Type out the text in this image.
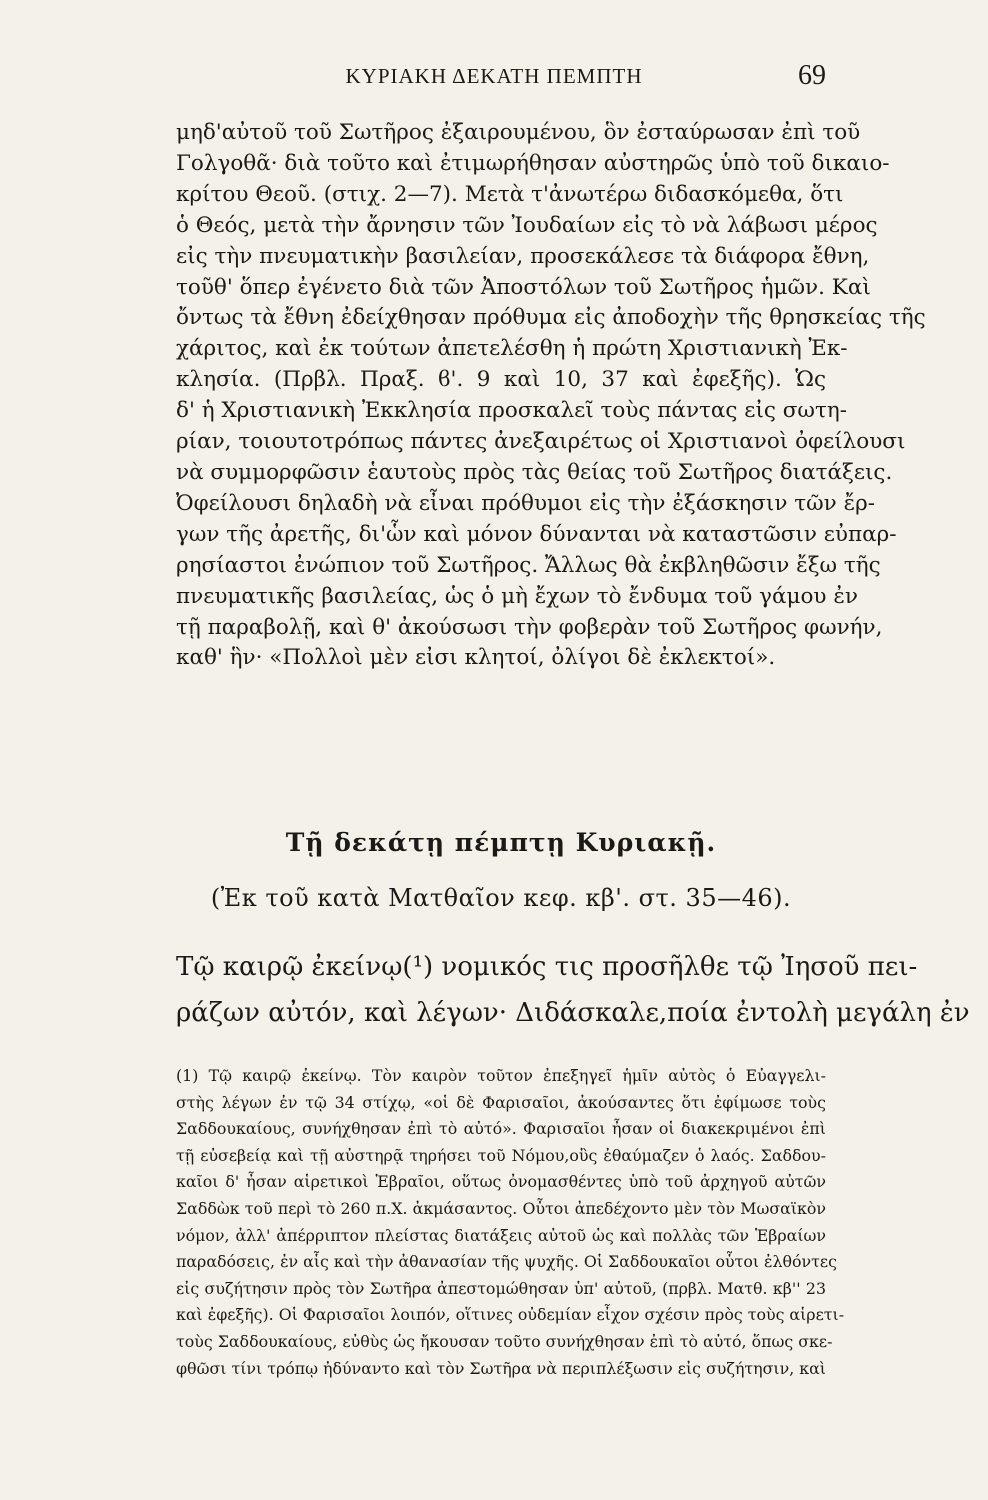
ΚΥΡΙΑΚΗ ΔΕΚΑΤΗ ΠΕΜΠΤΗ	69
μηδ'αὐτοῦ τοῦ Σωτῆρος ἐξαιρουμένου, ὃν ἐσταύρωσαν ἐπὶ τοῦ
Γολγοθᾶ· διὰ τοῦτο καὶ ἐτιμωρήθησαν αὐστηρῶς ὑπὸ τοῦ δικαιο-
κρίτου Θεοῦ. (στιχ. 2—7). Μετὰ τ'ἀνωτέρω διδασκόμεθα, ὅτι
ὁ Θεός, μετὰ τὴν ἄρνησιν τῶν Ἰουδαίων εἰς τὸ νὰ λάβωσι μέρος
εἰς τὴν πνευματικὴν βασιλείαν, προσεκάλεσε τὰ διάφορα ἔθνη,
τοῦθ' ὅπερ ἐγένετο διὰ τῶν Ἀποστόλων τοῦ Σωτῆρος ἡμῶν. Καὶ
ὄντως τὰ ἔθνη ἐδείχθησαν πρόθυμα εἰς ἀποδοχὴν τῆς θρησκείας τῆς
χάριτος, καὶ ἐκ τούτων ἀπετελέσθη ἡ πρώτη Χριστιανικὴ Ἐκ-
κλησία. (Πρβλ. Πραξ. ϐ'. 9 καὶ 10, 37 καὶ ἐφεξῆς). Ὡς
δ' ἡ Χριστιανικὴ Ἐκκλησία προσκαλεῖ τοὺς πάντας εἰς σωτη-
ρίαν, τοιουτοτρόπως πάντες ἀνεξαιρέτως οἱ Χριστιανοὶ ὀφείλουσι
νὰ συμμορφῶσιν ἑαυτοὺς πρὸς τὰς θείας τοῦ Σωτῆρος διατάξεις.
Ὀφείλουσι δηλαδὴ νὰ εἶναι πρόθυμοι εἰς τὴν ἐξάσκησιν τῶν ἔρ-
γων τῆς ἀρετῆς, δι'ὧν καὶ μόνον δύνανται νὰ καταστῶσιν εὐπαρ-
ρησίαστοι ἐνώπιον τοῦ Σωτῆρος. Ἄλλως θὰ ἐκβληθῶσιν ἔξω τῆς
πνευματικῆς βασιλείας, ὡς ὁ μὴ ἔχων τὸ ἔνδυμα τοῦ γάμου ἐν
τῇ παραβολῇ, καὶ θ' ἀκούσωσι τὴν φοβερὰν τοῦ Σωτῆρος φωνήν,
καθ' ἣν· «Πολλοὶ μὲν εἰσι κλητοί, ὀλίγοι δὲ ἐκλεκτοί».
Τῇ δεκάτῃ πέμπτῃ Κυριακῇ.
(Ἐκ τοῦ κατὰ Ματθαῖον κεφ. κβ'. στ. 35—46).
Τῷ καιρῷ ἐκείνῳ(¹) νομικός τις προσῆλθε τῷ Ἰησοῦ πει-
ράζων αὐτόν, καὶ λέγων· Διδάσκαλε,ποία ἐντολὴ μεγάλη ἐν
(1) Τῷ καιρῷ ἐκείνῳ. Τὸν καιρὸν τοῦτον ἐπεξηγεῖ ἡμῖν αὐτὸς ὁ Εὐαγγελι-
στὴς λέγων ἐν τῷ 34 στίχῳ, «οἱ δὲ Φαρισαῖοι, ἀκούσαντες ὅτι ἐφίμωσε τοὺς
Σαδδουκαίους, συνήχθησαν ἐπὶ τὸ αὐτό». Φαρισαῖοι ἦσαν οἱ διακεκριμένοι ἐπὶ
τῇ εὐσεβείᾳ καὶ τῇ αὐστηρᾷ τηρήσει τοῦ Νόμου,οὓς ἐθαύμαζεν ὁ λαός. Σαδδου-
καῖοι δ' ἦσαν αἱρετικοὶ Ἑβραῖοι, οὕτως ὀνομασθέντες ὑπὸ τοῦ ἀρχηγοῦ αὐτῶν
Σαδδὼκ τοῦ περὶ τὸ 260 π.Χ. ἀκμάσαντος. Οὗτοι ἀπεδέχοντο μὲν τὸν Μωσαϊκὸν
νόμον, ἀλλ' ἀπέρριπτον πλείστας διατάξεις αὐτοῦ ὡς καὶ πολλὰς τῶν Ἑβραίων
παραδόσεις, ἐν αἷς καὶ τὴν ἀθανασίαν τῆς ψυχῆς. Οἱ Σαδδουκαῖοι οὗτοι ἐλθόντες
εἰς συζήτησιν πρὸς τὸν Σωτῆρα ἀπεστομώθησαν ὑπ' αὐτοῦ, (πρβλ. Ματθ. κβ'' 23
καὶ ἐφεξῆς). Οἱ Φαρισαῖοι λοιπόν, οἵτινες οὐδεμίαν εἶχον σχέσιν πρὸς τοὺς αἱρετι-
τοὺς Σαδδουκαίους, εὐθὺς ὡς ἤκουσαν τοῦτο συνήχθησαν ἐπὶ τὸ αὐτό, ὅπως σκε-
φθῶσι τίνι τρόπῳ ἠδύναντο καὶ τὸν Σωτῆρα νὰ περιπλέξωσιν εἰς συζήτησιν, καὶ
